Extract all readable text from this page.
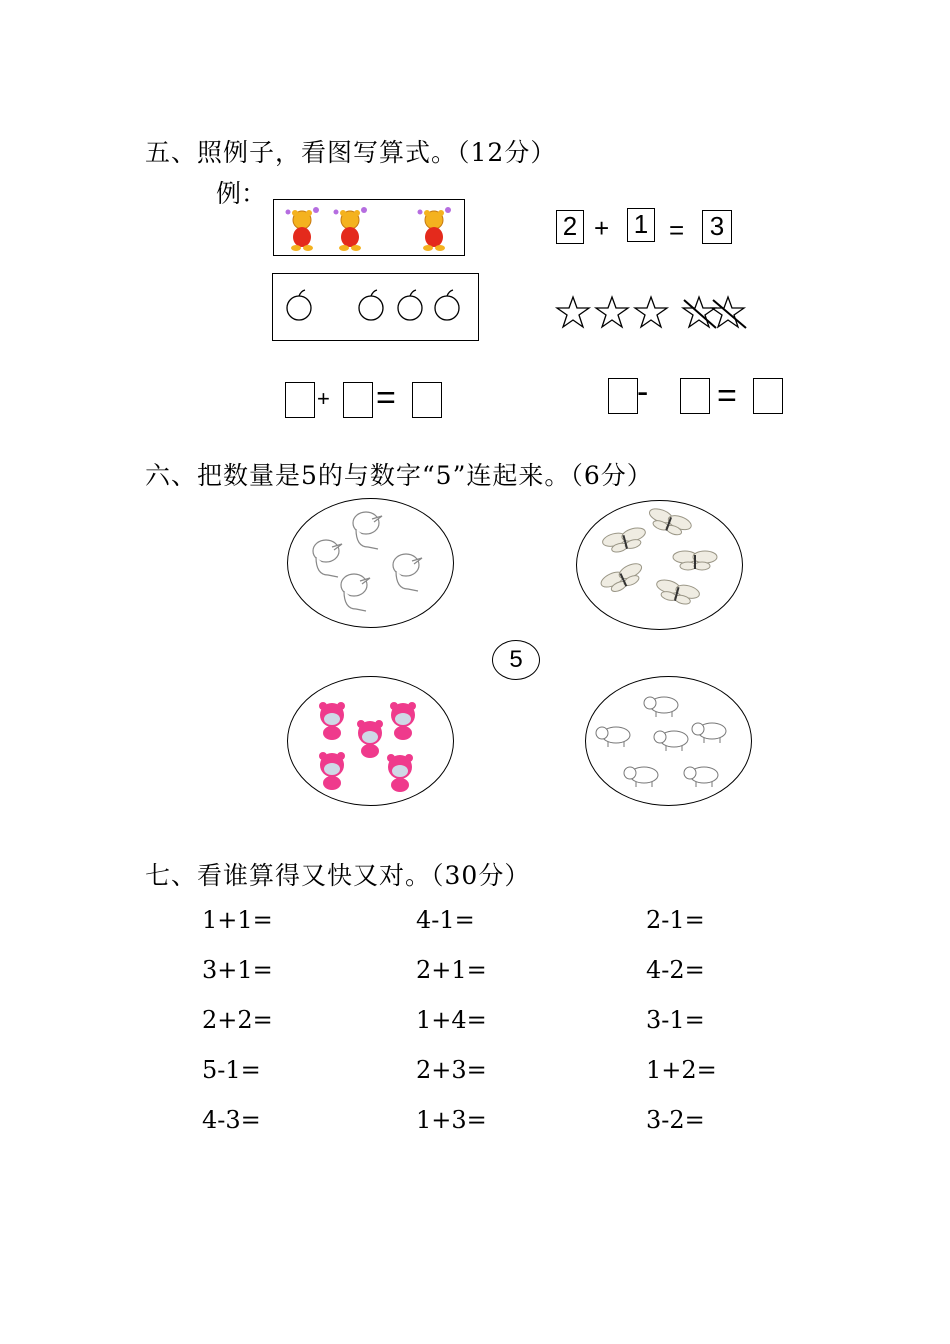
五、照例子，看图写算式。（12分）
例：
2 + 1 = 3
+ =	- =
六、把数量是5的与数字“5”连起来。（6分）
5
七、看谁算得又快又对。（30分）
1+1=	4-1=	2-1=
3+1=	2+1=	4-2=
2+2=	1+4=	3-1=
5-1=	2+3=	1+2=
4-3=	1+3=	3-2=
